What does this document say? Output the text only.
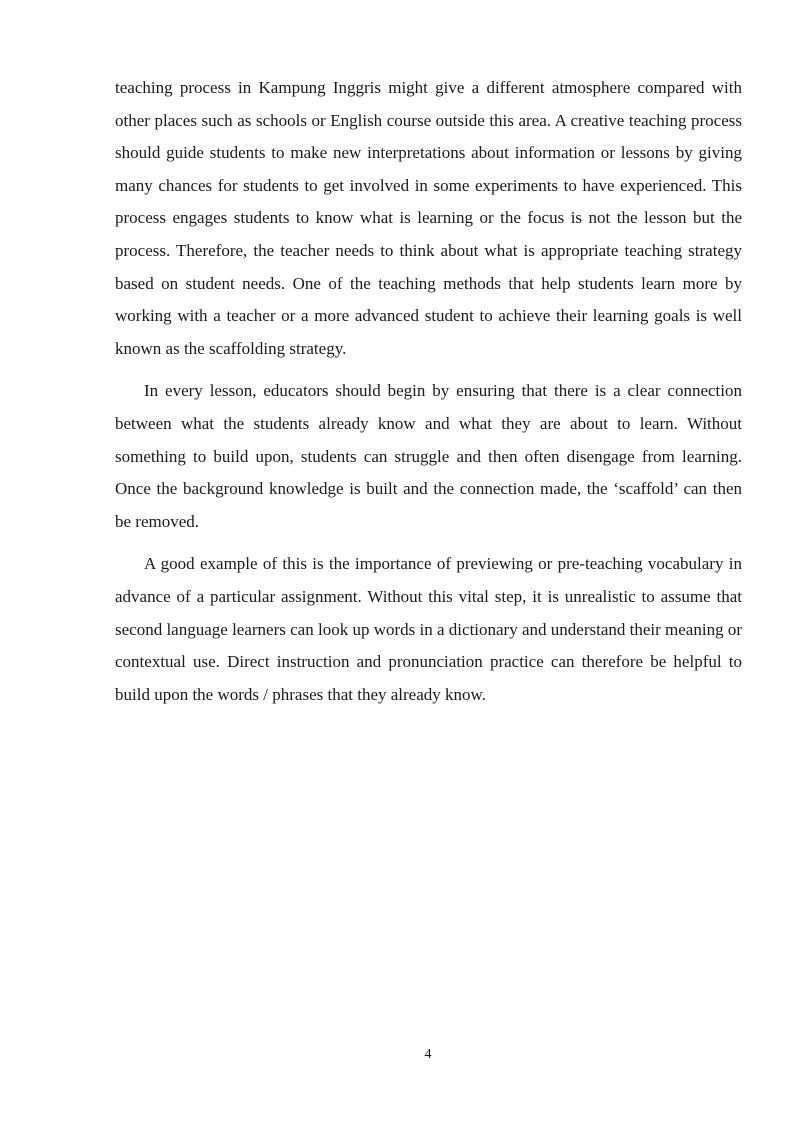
teaching process in Kampung Inggris might give a different atmosphere compared with other places such as schools or English course outside this area. A creative teaching process should guide students to make new interpretations about information or lessons by giving many chances for students to get involved in some experiments to have experienced. This process engages students to know what is learning or the focus is not the lesson but the process. Therefore, the teacher needs to think about what is appropriate teaching strategy based on student needs. One of the teaching methods that help students learn more by working with a teacher or a more advanced student to achieve their learning goals is well known as the scaffolding strategy.

In every lesson, educators should begin by ensuring that there is a clear connection between what the students already know and what they are about to learn. Without something to build upon, students can struggle and then often disengage from learning. Once the background knowledge is built and the connection made, the ‘scaffold’ can then be removed.

A good example of this is the importance of previewing or pre-teaching vocabulary in advance of a particular assignment. Without this vital step, it is unrealistic to assume that second language learners can look up words in a dictionary and understand their meaning or contextual use. Direct instruction and pronunciation practice can therefore be helpful to build upon the words / phrases that they already know.

4
